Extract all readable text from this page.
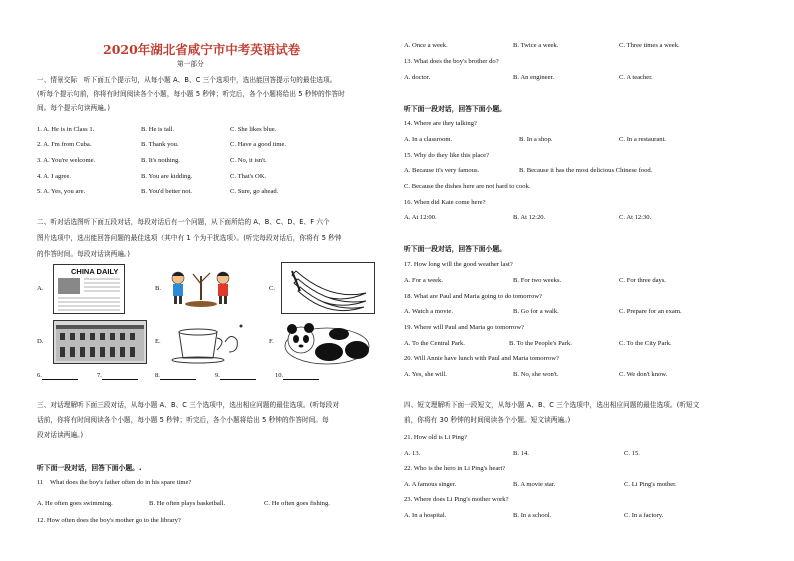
2020年湖北省咸宁市中考英语试卷
第一部分
一、情景交际　听下面五个提示句，从每小题 A、B、C 三个选项中，选出能回答提示句的最佳选项。
(听每个提示句前，你将有时间阅读各个小题，每小题 5 秒钟；听完后，各个小题将给出 5 秒钟的作答时
间。每个提示句读两遍。)
1. A. He is in Class 1.	B. He is tall.	C. She likes blue.
2. A. I'm from Cuba.	B. Thank you.	C. Have a good time.
3. A. You're welcome.	B. It's nothing.	C. No, it isn't.
4. A. I agree.	B. You are kidding.	C. That's OK.
5. A. Yes, you are.	B. You'd better not.	C. Sure, go ahead.
二、听对话选图听下面五段对话，每段对话后有一个问题，从下面所给的 A、B、C、D、E、F 六个
图片选项中，选出能回答问题的最佳选项（其中有 1 个为干扰选项）。(听完每段对话后，你将有 5 秒钟
的作答时间。每段对话读两遍。)
A.
CHINA DAILY
B.	C.
D.	E.	F.
6.	7.	8.	9.	10.
三、对话理解听下面三段对话，从每小题 A、B、C 三个选项中，选出相应问题的最佳选项。(听每段对
话前，你将有时间阅读各个小题，每小题 5 秒钟；听完后，各个小题将给出 5 秒钟的作答时间。每
段对话读两遍。)
听下面一段对话，回答下面小题。.
11　What does the boy's father often do in his spare time?
A. He often goes swimming.	B. He often plays basketball.	C. He often goes fishing.
12. How often does the boy's mother go to the library?
A. Once a week.	B. Twice a week.	C. Three times a week.
13. What does the boy's brother do?
A. doctor.	B. An engineer.	C. A teacher.
听下面一段对话，回答下面小题。
14. Where are they talking?
A. In a classroom.	B. In a shop.	C. In a restaurant.
15. Why do they like this place?
A. Because it's very famous.	B. Because it has the most delicious Chinese food.
C. Because the dishes here are not hard to cook.
16. When did Kate come here?
A. At 12:00.	B. At 12:20.	C. At 12:30.
听下面一段对话，回答下面小题。
17. How long will the good weather last?
A. For a week.	B. For two weeks.	C. For three days.
18. What are Paul and Maria going to do tomorrow?
A. Watch a movie.	B. Go for a walk.	C. Prepare for an exam.
19. Where will Paul and Maria go tomorrow?
A. To the Central Park.	B. To the People's Park.	C. To the City Park.
20. Will Annie have lunch with Paul and Maria tomorrow?
A. Yes, she will.	B. No, she won't.	C. We don't know.
四、短文理解听下面一段短文，从每小题 A、B、C 三个选项中，选出相应问题的最佳选项。(听短文
前，你将有 30 秒钟的时间阅读各个小题。短文读两遍。)
21. How old is Li Ping?
A. 13.	B. 14.	C. 15.
22. Who is the hero in Li Ping's heart?
A. A famous singer.	B. A movie star.	C. Li Ping's mother.
23. Where does Li Ping's mother work?
A. In a hospital.	B. In a school.	C. In a factory.
